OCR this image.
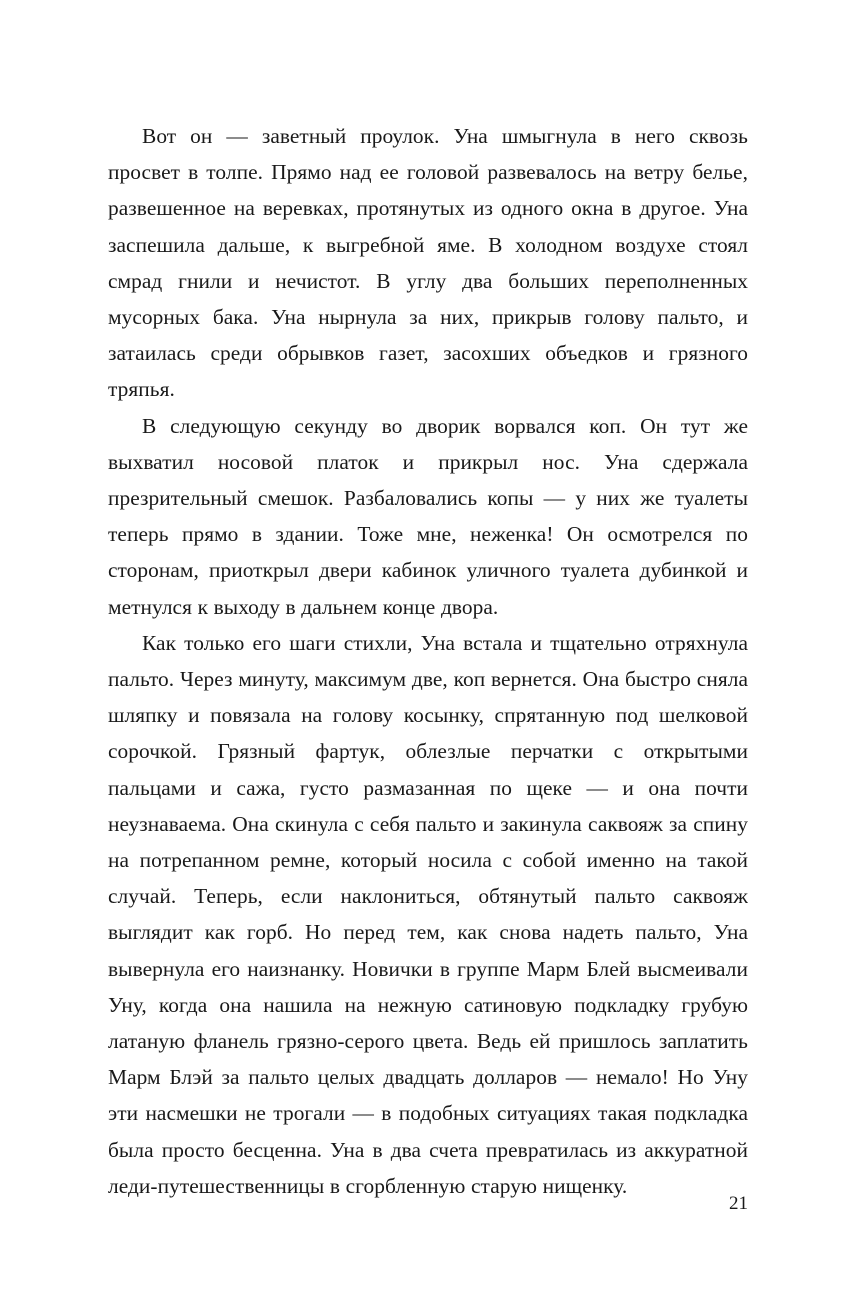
Вот он — заветный проулок. Уна шмыгнула в него сквозь просвет в толпе. Прямо над ее головой развевалось на ветру белье, развешенное на веревках, протянутых из одного окна в другое. Уна заспешила дальше, к выгребной яме. В холодном воздухе стоял смрад гнили и нечистот. В углу два больших переполненных мусорных бака. Уна нырнула за них, прикрыв голову пальто, и затаилась среди обрывков газет, засохших объедков и грязного тряпья.

В следующую секунду во дворик ворвался коп. Он тут же выхватил носовой платок и прикрыл нос. Уна сдержала презрительный смешок. Разбаловались копы — у них же туалеты теперь прямо в здании. Тоже мне, неженка! Он осмотрелся по сторонам, приоткрыл двери кабинок уличного туалета дубинкой и метнулся к выходу в дальнем конце двора.

Как только его шаги стихли, Уна встала и тщательно отряхнула пальто. Через минуту, максимум две, коп вернется. Она быстро сняла шляпку и повязала на голову косынку, спрятанную под шелковой сорочкой. Грязный фартук, облезлые перчатки с открытыми пальцами и сажа, густо размазанная по щеке — и она почти неузнаваема. Она скинула с себя пальто и закинула саквояж за спину на потрепанном ремне, который носила с собой именно на такой случай. Теперь, если наклониться, обтянутый пальто саквояж выглядит как горб. Но перед тем, как снова надеть пальто, Уна вывернула его наизнанку. Новички в группе Марм Блей высмеивали Уну, когда она нашила на нежную сатиновую подкладку грубую латаную фланель грязно-серого цвета. Ведь ей пришлось заплатить Марм Блэй за пальто целых двадцать долларов — немало! Но Уну эти насмешки не трогали — в подобных ситуациях такая подкладка была просто бесценна. Уна в два счета превратилась из аккуратной леди-путешественницы в сгорбленную старую нищенку.

21
